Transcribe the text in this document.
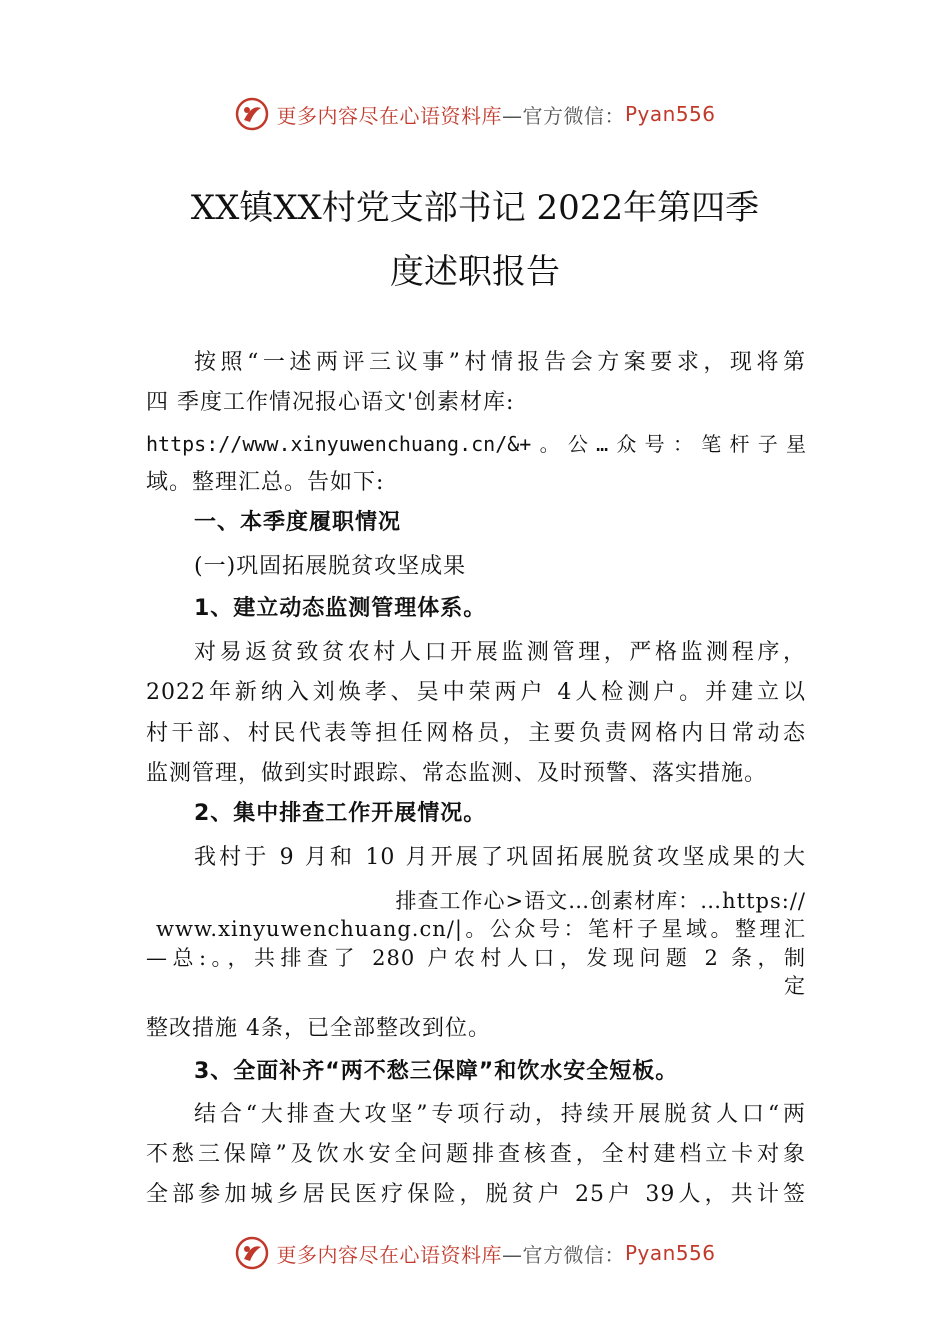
更多内容尽在心语资料库 —官方微信： Pyan556
XX镇XX村党支部书记 2022年第四季
度述职报告
按照“一述两评三议事”村情报告会方案要求，现将第
四 季度工作情况报心语文'创素材库:
https://www.xinyuwenchuang.cn/&+。公…众号：笔杆子星
域。整理汇总。告如下:
一、本季度履职情况
(一)巩固拓展脱贫攻坚成果
1、建立动态监测管理体系。
对易返贫致贫农村人口开展监测管理，严格监测程序，
2022年新纳入刘焕孝、吴中荣两户 4人检测户。并建立以
村干部、村民代表等担任网格员，主要负责网格内日常动态
监测管理，做到实时跟踪、常态监测、及时预警、落实措施。
2、集中排查工作开展情况。
我村于 9 月和 10 月开展了巩固拓展脱贫攻坚成果的大
排查工作心>语文…创素材库：…https://
www.xinyuwenchuang.cn/|。公众号：笔杆子星域。整理汇
—总:。，共排查了 280 户农村人口，发现问题 2 条，制
定
整改措施 4条，已全部整改到位。
3、全面补齐“两不愁三保障”和饮水安全短板。
结合“大排查大攻坚”专项行动，持续开展脱贫人口“两
不愁三保障”及饮水安全问题排查核查，全村建档立卡对象
全部参加城乡居民医疗保险，脱贫户 25户 39人，共计签
更多内容尽在心语资料库 —官方微信： Pyan556
